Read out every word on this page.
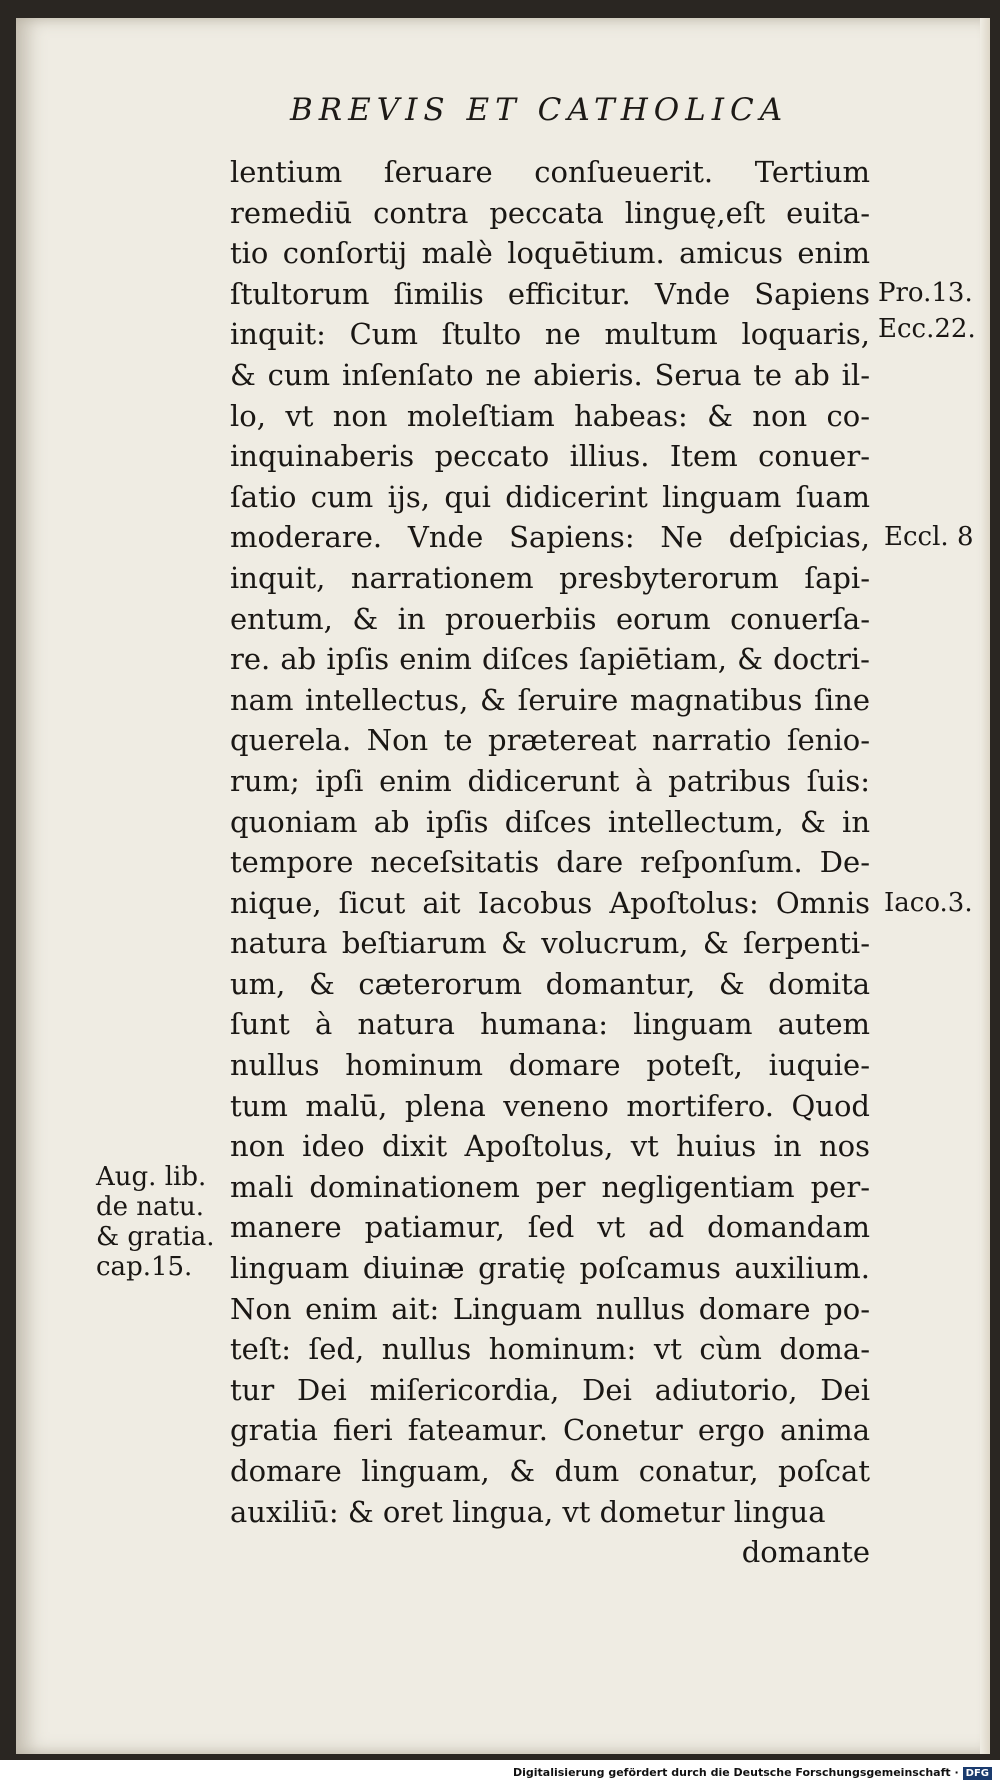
BREVIS ET CATHOLICA
lentium ſeruare conſueuerit. Tertium
remediū contra peccata linguę,eſt euita-
tio conſortij malè loquētium. amicus enim
ſtultorum ſimilis efficitur. Vnde Sapiens
inquit: Cum ſtulto ne multum loquaris,
& cum inſenſato ne abieris. Serua te ab il-
lo, vt non moleſtiam habeas: & non co-
inquinaberis peccato illius. Item conuer-
ſatio cum ijs, qui didicerint linguam ſuam
moderare. Vnde Sapiens: Ne deſpicias,
inquit, narrationem presbyterorum ſapi-
entum, & in prouerbiis eorum conuerſa-
re. ab ipſis enim diſces ſapiētiam, & doctri-
nam intellectus, & ſeruire magnatibus ſine
querela. Non te prætereat narratio ſenio-
rum; ipſi enim didicerunt à patribus ſuis:
quoniam ab ipſis diſces intellectum, & in
tempore neceſsitatis dare reſponſum. De-
nique, ſicut ait Iacobus Apoſtolus: Omnis
natura beſtiarum & volucrum, & ſerpenti-
um, & cæterorum domantur, & domita
ſunt à natura humana: linguam autem
nullus hominum domare poteſt, iuquie-
tum malū, plena veneno mortifero. Quod
non ideo dixit Apoſtolus, vt huius in nos
mali dominationem per negligentiam per-
manere patiamur, ſed vt ad domandam
linguam diuinæ gratię poſcamus auxilium.
Non enim ait: Linguam nullus domare po-
teſt: ſed, nullus hominum: vt cùm doma-
tur Dei miſericordia, Dei adiutorio, Dei
gratia fieri fateamur. Conetur ergo anima
domare linguam, & dum conatur, poſcat
auxiliū: & oret lingua, vt dometur lingua
domante
Pro.13.
Ecc.22.
Eccl. 8
Iaco.3.
Aug. lib.
de natu.
& gratia.
cap.15.
Digitalisierung gefördert durch die Deutsche Forschungsgemeinschaft · DFG
